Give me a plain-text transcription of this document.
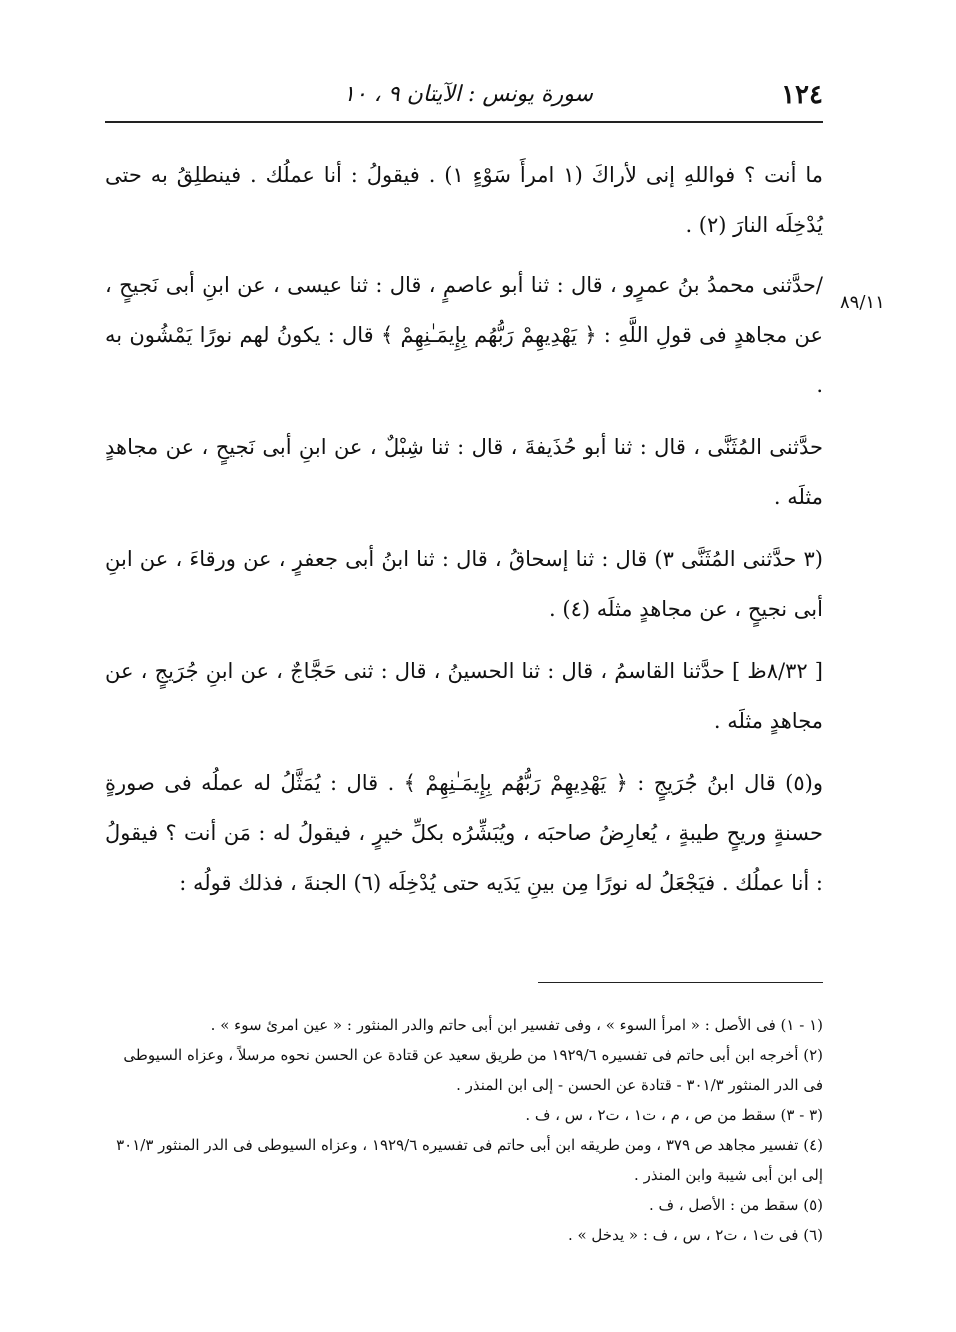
١٢٤
سورة يونس : الآيتان ٩ ، ١٠
٨٩/١١

ما أنت ؟ فواللهِ إنى لأراكَ (١ امرأَ سَوْءٍ ١) . فيقولُ : أنا عملُك . فينطلِقُ به حتى يُدْخِلَه النارَ (٢) .

/حدَّثنى محمدُ بنُ عمرٍو ، قال : ثنا أبو عاصمٍ ، قال : ثنا عيسى ، عن ابنِ أبى نَجيحٍ ، عن مجاهدٍ فى قولِ اللَّهِ : ﴿ يَهْدِيهِمْ رَبُّهُم بِإِيمَـٰنِهِمْ ﴾ قال : يكونُ لهم نورًا يَمْشُون به .

حدَّثنى المُثَنَّى ، قال : ثنا أبو حُذَيفةَ ، قال : ثنا شِبْلٌ ، عن ابنِ أبى نَجيحٍ ، عن مجاهدٍ مثلَه .

(٣ حدَّثنى المُثَنَّى ٣) قال : ثنا إسحاقُ ، قال : ثنا ابنُ أبى جعفرٍ ، عن ورقاءَ ، عن ابنِ أبى نجيحٍ ، عن مجاهدٍ مثلَه (٤) .

[ ٨/٣٢ظ ] حدَّثنا القاسمُ ، قال : ثنا الحسينُ ، قال : ثنى حَجَّاجٌ ، عن ابنِ جُرَيجٍ ، عن مجاهدٍ مثلَه .

و(٥) قال ابنُ جُرَيجٍ : ﴿ يَهْدِيهِمْ رَبُّهُم بِإِيمَـٰنِهِمْ ﴾ . قال : يُمَثَّلُ له عملُه فى صورةٍ حسنةٍ وريحٍ طيبةٍ ، يُعارِضُ صاحبَه ، ويُبَشِّرُه بكلِّ خيرٍ ، فيقولُ له : مَن أنت ؟ فيقولُ : أنا عملُك . فيَجْعَلُ له نورًا مِن بينِ يَدَيه حتى يُدْخِلَه (٦) الجنةَ ، فذلك قولُه :

(١ - ١) فى الأصل : « امرأ السوء » ، وفى تفسير ابن أبى حاتم والدر المنثور : « عين امرئ سوء » .

(٢) أخرجه ابن أبى حاتم فى تفسيره ١٩٢٩/٦ من طريق سعيد عن قتادة عن الحسن نحوه مرسلاً ، وعزاه السيوطى فى الدر المنثور ٣٠١/٣ - قتادة عن الحسن - إلى ابن المنذر .

(٣ - ٣) سقط من ص ، م ، ت١ ، ت٢ ، س ، ف .

(٤) تفسير مجاهد ص ٣٧٩ ، ومن طريقه ابن أبى حاتم فى تفسيره ١٩٢٩/٦ ، وعزاه السيوطى فى الدر المنثور ٣٠١/٣ إلى ابن أبى شيبة وابن المنذر .

(٥) سقط من : الأصل ، ف .

(٦) فى ت١ ، ت٢ ، س ، ف : « يدخل » .
